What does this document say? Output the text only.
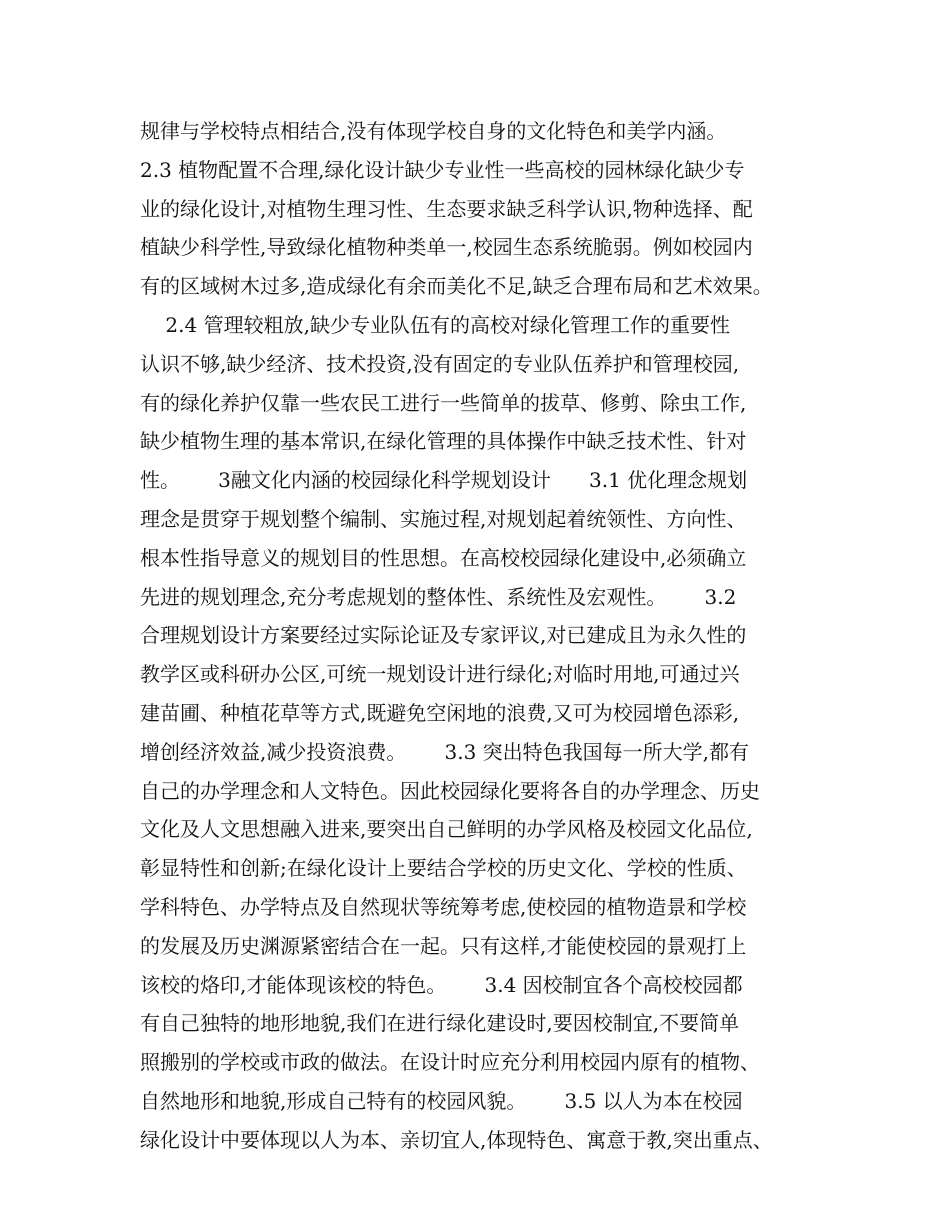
规律与学校特点相结合,没有体现学校自身的文化特色和美学内涵。
2.3 植物配置不合理,绿化设计缺少专业性一些高校的园林绿化缺少专
业的绿化设计,对植物生理习性、生态要求缺乏科学认识,物种选择、配
植缺少科学性,导致绿化植物种类单一,校园生态系统脆弱。例如校园内
有的区域树木过多,造成绿化有余而美化不足,缺乏合理布局和艺术效果。
2.4 管理较粗放,缺少专业队伍有的高校对绿化管理工作的重要性
认识不够,缺少经济、技术投资,没有固定的专业队伍养护和管理校园,
有的绿化养护仅靠一些农民工进行一些简单的拔草、修剪、除虫工作,
缺少植物生理的基本常识,在绿化管理的具体操作中缺乏技术性、针对
性。      3融文化内涵的校园绿化科学规划设计      3.1 优化理念规划
理念是贯穿于规划整个编制、实施过程,对规划起着统领性、方向性、
根本性指导意义的规划目的性思想。在高校校园绿化建设中,必须确立
先进的规划理念,充分考虑规划的整体性、系统性及宏观性。      3.2
合理规划设计方案要经过实际论证及专家评议,对已建成且为永久性的
教学区或科研办公区,可统一规划设计进行绿化;对临时用地,可通过兴
建苗圃、种植花草等方式,既避免空闲地的浪费,又可为校园增色添彩,
增创经济效益,减少投资浪费。      3.3 突出特色我国每一所大学,都有
自己的办学理念和人文特色。因此校园绿化要将各自的办学理念、历史
文化及人文思想融入进来,要突出自己鲜明的办学风格及校园文化品位,
彰显特性和创新;在绿化设计上要结合学校的历史文化、学校的性质、
学科特色、办学特点及自然现状等统筹考虑,使校园的植物造景和学校
的发展及历史渊源紧密结合在一起。只有这样,才能使校园的景观打上
该校的烙印,才能体现该校的特色。      3.4 因校制宜各个高校校园都
有自己独特的地形地貌,我们在进行绿化建设时,要因校制宜,不要简单
照搬别的学校或市政的做法。在设计时应充分利用校园内原有的植物、
自然地形和地貌,形成自己特有的校园风貌。      3.5 以人为本在校园
绿化设计中要体现以人为本、亲切宜人,体现特色、寓意于教,突出重点、
